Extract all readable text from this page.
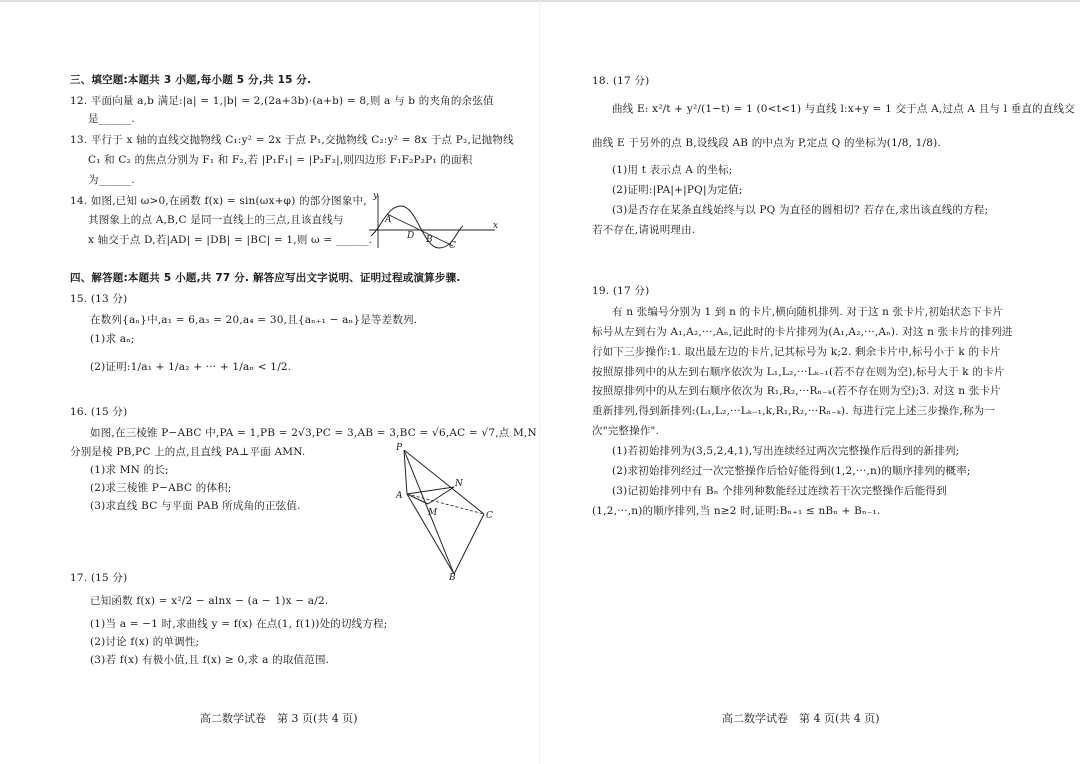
三、填空题:本题共 3 小题,每小题 5 分,共 15 分.
12. 平面向量 a,b 满足:|a| = 1,|b| = 2,(2a+3b)·(a+b) = 8,则 a 与 b 的夹角的余弦值
是______.
13. 平行于 x 轴的直线交抛物线 C₁:y² = 2x 于点 P₁,交抛物线 C₂:y² = 8x 于点 P₂,记抛物线
C₁ 和 C₂ 的焦点分别为 F₁ 和 F₂,若 |P₁F₁| = |P₂F₂|,则四边形 F₁F₂P₂P₁ 的面积
为______.
14. 如图,已知 ω>0,在函数 f(x) = sin(ωx+φ) 的部分图象中,
其图象上的点 A,B,C 是同一直线上的三点,且该直线与
x 轴交于点 D,若|AD| = |DB| = |BC| = 1,则 ω = ______.
y
x
A
D B
C
四、解答题:本题共 5 小题,共 77 分. 解答应写出文字说明、证明过程或演算步骤.
15. (13 分)
在数列{aₙ}中,a₁ = 6,a₃ = 20,a₄ = 30,且{aₙ₊₁ − aₙ}是等差数列.
(1)求 aₙ;
(2)证明:1/a₁ + 1/a₂ + ··· + 1/aₙ < 1/2.
16. (15 分)
如图,在三棱锥 P−ABC 中,PA = 1,PB = 2√3,PC = 3,AB = 3,BC = √6,AC = √7,点 M,N
分别是棱 PB,PC 上的点,且直线 PA⊥平面 AMN.
(1)求 MN 的长;
(2)求三棱锥 P−ABC 的体积;
(3)求直线 BC 与平面 PAB 所成角的正弦值.
P
A
N
M	C
B
17. (15 分)
已知函数 f(x) = x²/2 − alnx − (a − 1)x − a/2.
(1)当 a = −1 时,求曲线 y = f(x) 在点(1, f(1))处的切线方程;
(2)讨论 f(x) 的单调性;
(3)若 f(x) 有极小值,且 f(x) ≥ 0,求 a 的取值范围.
高二数学试卷　第 3 页(共 4 页)
18. (17 分)
曲线 E: x²/t + y²/(1−t) = 1 (0<t<1) 与直线 l:x+y = 1 交于点 A,过点 A 且与 l 垂直的直线交
曲线 E 于另外的点 B,设线段 AB 的中点为 P,定点 Q 的坐标为(1/8, 1/8).
(1)用 t 表示点 A 的坐标;
(2)证明:|PA|+|PQ|为定值;
(3)是否存在某条直线始终与以 PQ 为直径的圆相切? 若存在,求出该直线的方程;
若不存在,请说明理由.
19. (17 分)
有 n 张编号分别为 1 到 n 的卡片,横向随机排列. 对于这 n 张卡片,初始状态下卡片
标号从左到右为 A₁,A₂,···,Aₙ,记此时的卡片排列为(A₁,A₂,···,Aₙ). 对这 n 张卡片的排列进
行如下三步操作:1. 取出最左边的卡片,记其标号为 k;2. 剩余卡片中,标号小于 k 的卡片
按照原排列中的从左到右顺序依次为 L₁,L₂,···Lₖ₋₁(若不存在则为空),标号大于 k 的卡片
按照原排列中的从左到右顺序依次为 R₁,R₂,···Rₙ₋ₖ(若不存在则为空);3. 对这 n 张卡片
重新排列,得到新排列:(L₁,L₂,···Lₖ₋₁,k,R₁,R₂,···Rₙ₋ₖ). 每进行完上述三步操作,称为一
次"完整操作".
(1)若初始排列为(3,5,2,4,1),写出连续经过两次完整操作后得到的新排列;
(2)求初始排列经过一次完整操作后恰好能得到(1,2,···,n)的顺序排列的概率;
(3)记初始排列中有 Bₙ 个排列种数能经过连续若干次完整操作后能得到
(1,2,···,n)的顺序排列,当 n≥2 时,证明:Bₙ₊₁ ≤ nBₙ + Bₙ₋₁.
高二数学试卷　第 4 页(共 4 页)
